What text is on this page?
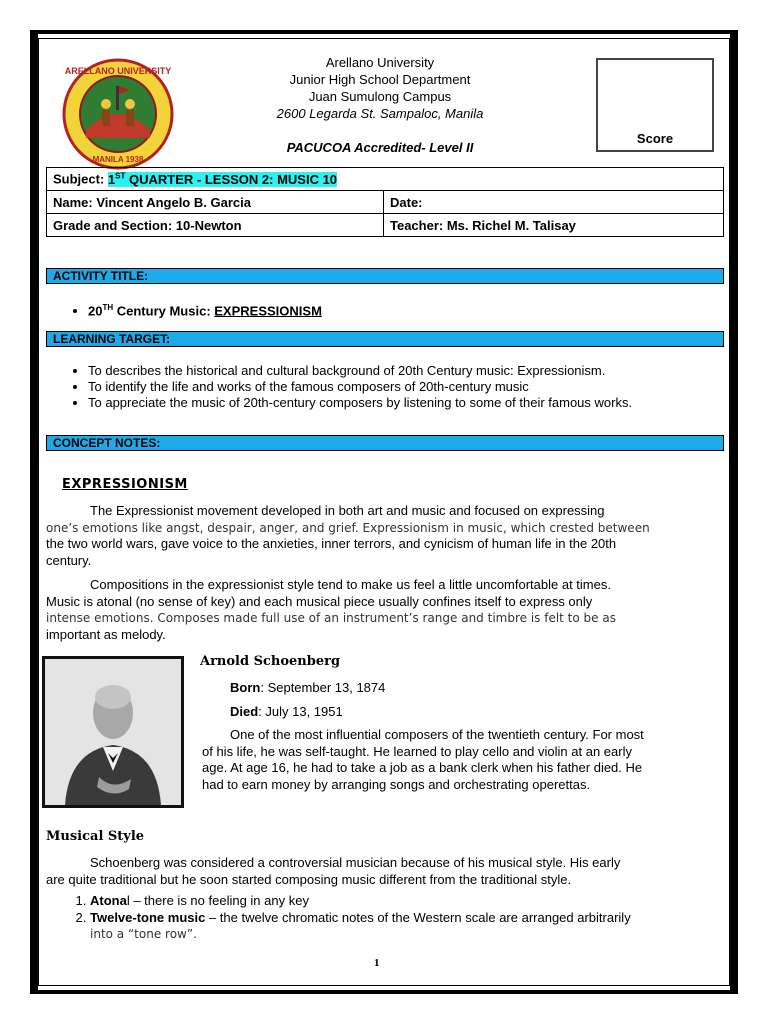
ARELLANO UNIVERSITY
MANILA 1938
Arellano University
Junior High School Department
Juan Sumulong Campus
2600 Legarda St. Sampaloc, Manila
PACUCOA Accredited- Level II
Score
Subject: 1ST QUARTER - LESSON 2: MUSIC 10	
Name: Vincent Angelo B. Garcia	Date:
Grade and Section: 10-Newton	Teacher: Ms. Richel M. Talisay
ACTIVITY TITLE:
• 20TH Century Music: EXPRESSIONISM
LEARNING TARGET:
• To describes the historical and cultural background of 20th Century music: Expressionism.
• To identify the life and works of the famous composers of 20th-century music
• To appreciate the music of 20th-century composers by listening to some of their famous works.
CONCEPT NOTES:
EXPRESSIONISM
The Expressionist movement developed in both art and music and focused on expressing
one’s emotions like angst, despair, anger, and grief. Expressionism in music, which crested between
the two world wars, gave voice to the anxieties, inner terrors, and cynicism of human life in the 20th
century.
Compositions in the expressionist style tend to make us feel a little uncomfortable at times.
Music is atonal (no sense of key) and each musical piece usually confines itself to express only
intense emotions. Composes made full use of an instrument’s range and timbre is felt to be as
important as melody.
Arnold Schoenberg
Born: September 13, 1874
Died: July 13, 1951
One of the most influential composers of the twentieth century. For most
of his life, he was self-taught. He learned to play cello and violin at an early
age. At age 16, he had to take a job as a bank clerk when his father died. He
had to earn money by arranging songs and orchestrating operettas.
Musical Style
Schoenberg was considered a controversial musician because of his musical style. His early
are quite traditional but he soon started composing music different from the traditional style.
1. Atonal – there is no feeling in any key
2. Twelve-tone music – the twelve chromatic notes of the Western scale are arranged arbitrarily
into a “tone row”.
1
